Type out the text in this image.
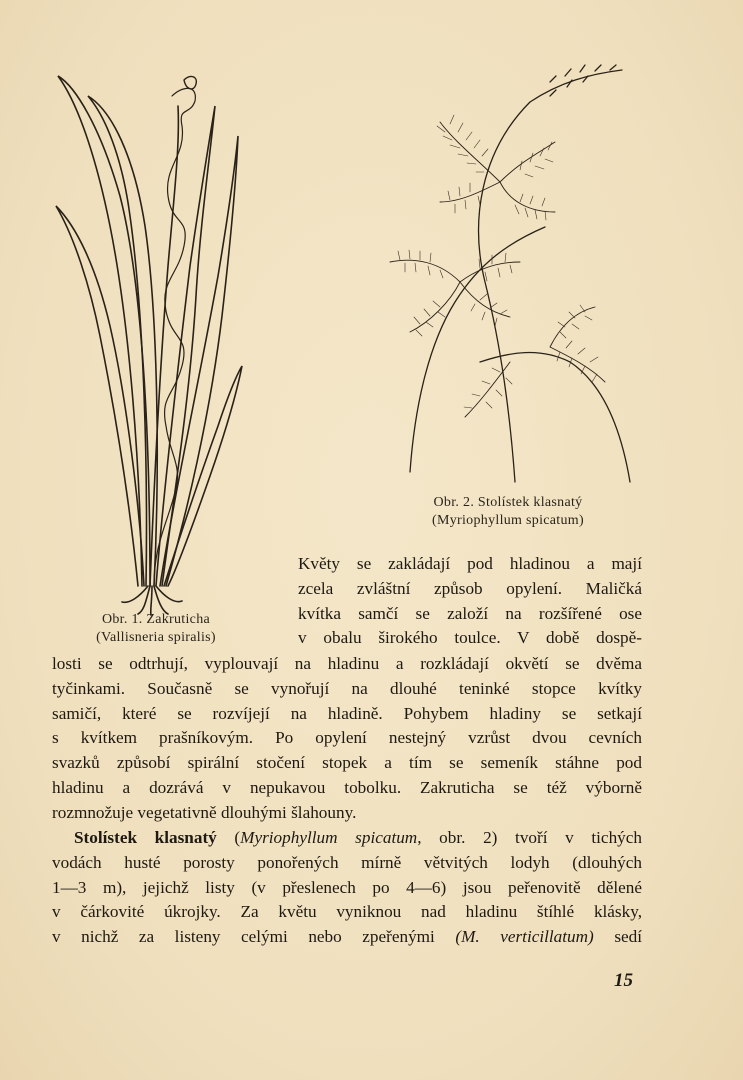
Obr. 1. Zakruticha
(Vallisneria spiralis)
Obr. 2. Stolístek klasnatý
(Myriophyllum spicatum)
Květy se zakládají pod hladinou a mají
zcela zvláštní způsob opylení. Maličká
kvítka samčí se založí na rozšířené ose
v obalu širokého toulce. V době dospě-
losti se odtrhují, vyplouvají na hladinu a rozkládají okvětí se dvěma
tyčinkami. Současně se vynořují na dlouhé teninké stopce kvítky
samičí, které se rozvíjejí na hladině. Pohybem hladiny se setkají
s kvítkem prašníkovým. Po opylení nestejný vzrůst dvou cevních
svazků způsobí spirální stočení stopek a tím se semeník stáhne pod
hladinu a dozrává v nepukavou tobolku. Zakruticha se též výborně
rozmnožuje vegetativně dlouhými šlahouny.
Stolístek klasnatý (Myriophyllum spicatum, obr. 2) tvoří v tichých
vodách husté porosty ponořených mírně větvitých lodyh (dlouhých
1—3 m), jejichž listy (v přeslenech po 4—6) jsou peřenovitě dělené
v čárkovité úkrojky. Za květu vyniknou nad hladinu štíhlé klásky,
v nichž za listeny celými nebo zpeřenými (M. verticillatum) sedí
15
